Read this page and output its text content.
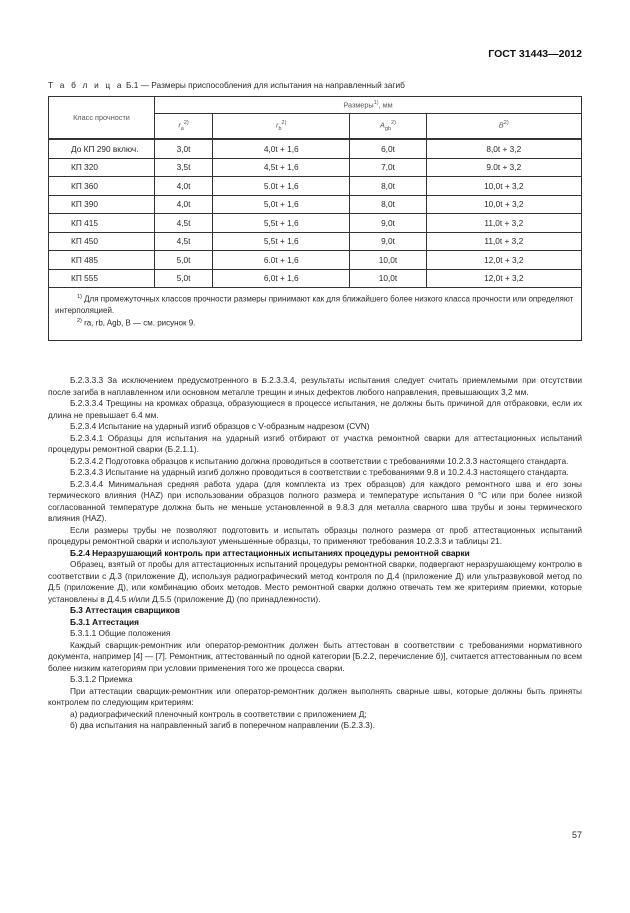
ГОСТ 31443—2012
Т а б л и ц а Б.1 — Размеры приспособления для испытания на направленный загиб
Класс прочности	Размеры$^{1)}$, мм			
	$r_a^{2)}$	$r_b^{2)}$	$A_{gb}^{2)}$	$B^{2)}$
До КП 290 включ.	3,0t	4,0t + 1,6	6,0t	8,0t + 3,2
КП 320	3,5t	4,5t + 1,6	7,0t	9.0t + 3,2
КП 360	4,0t	5.0t + 1,6	8,0t	10,0t + 3,2
КП 390	4,0t	5,0t + 1,6	8,0t	10,0t + 3,2
КП 415	4,5t	5,5t + 1,6	9,0t	11,0t + 3,2
КП 450	4,5t	5,5t + 1,6	9,0t	11,0t + 3,2
КП 485	5,0t	6.0t + 1,6	10,0t	12,0t + 3,2
КП 555	5,0t	6,0t + 1,6	10,0t	12,0t + 3,2

$^{1)}$ Для промежуточных классов прочности размеры принимают как для ближайшего более низкого класса прочности или определяют интерполяцией.

$^{2)}$ ra, rb, Agb, B — см. рисунок 9.				

Б.2.3.3.3 За исключением предусмотренного в Б.2.3.3.4, результаты испытания следует считать приемлемыми при отсутствии после загиба в наплавленном или основном металле трещин и иных дефектов любого направления, превышающих 3,2 мм.

Б.2.3.3.4 Трещины на кромках образца, образующиеся в процессе испытания, не должны быть причиной для отбраковки, если их длина не превышает 6.4 мм.

Б.2.3.4 Испытание на ударный изгиб образцов с V-образным надрезом (CVN)

Б.2.3.4.1 Образцы для испытания на ударный изгиб отбирают от участка ремонтной сварки для аттестационных испытаний процедуры ремонтной сварки (Б.2.1.1).

Б.2.3.4.2 Подготовка образцов к испытанию должна проводиться в соответствии с требованиями 10.2.3.3 настоящего стандарта.

Б.2.3.4.3 Испытание на ударный изгиб должно проводиться в соответствии с требованиями 9.8 и 10.2.4.3 настоящего стандарта.

Б.2.3.4.4 Минимальная средняя работа удара (для комплекта из трех образцов) для каждого ремонтного шва и его зоны термического влияния (HAZ) при использовании образцов полного размера и температуре испытания 0 °С или при более низкой согласованной температуре должна быть не меньше установленной в 9.8.3 для металла сварного шва трубы и зоны термического влияния (HAZ).

Если размеры трубы не позволяют подготовить и испытать образцы полного размера от проб аттестационных испытаний процедуры ремонтной сварки и используют уменьшенные образцы, то применяют требования 10.2.3.3 и таблицы 21.

Б.2.4 Неразрушающий контроль при аттестационных испытаниях процедуры ремонтной сварки

Образец, взятый от пробы для аттестационных испытаний процедуры ремонтной сварки, подвергают неразрушающему контролю в соответствии с Д.3 (приложение Д), используя радиографический метод контроля по Д.4 (приложение Д) или ультразвуковой метод по Д.5 (приложение Д), или комбинацию обоих методов. Место ремонтной сварки должно отвечать тем же критериям приемки, которые установлены в Д.4.5 и/или Д.5.5 (приложение Д) (по принадлежности).

Б.3 Аттестация сварщиков

Б.3.1 Аттестация

Б.3.1.1 Общие положения

Каждый сварщик-ремонтник или оператор-ремонтник должен быть аттестован в соответствии с требованиями нормативного документа, например [4] — [7]. Ремонтник, аттестованный по одной категории [Б.2.2, перечисление б)], считается аттестованным по всем более низким категориям при условии применения того же процесса сварки.

Б.3.1.2 Приемка

При аттестации сварщик-ремонтник или оператор-ремонтник должен выполнять сварные швы, которые должны быть приняты контролем по следующим критериям:

а) радиографический пленочный контроль в соответствии с приложением Д;

б) два испытания на направленный загиб в поперечном направлении (Б.2.3.3).

57
